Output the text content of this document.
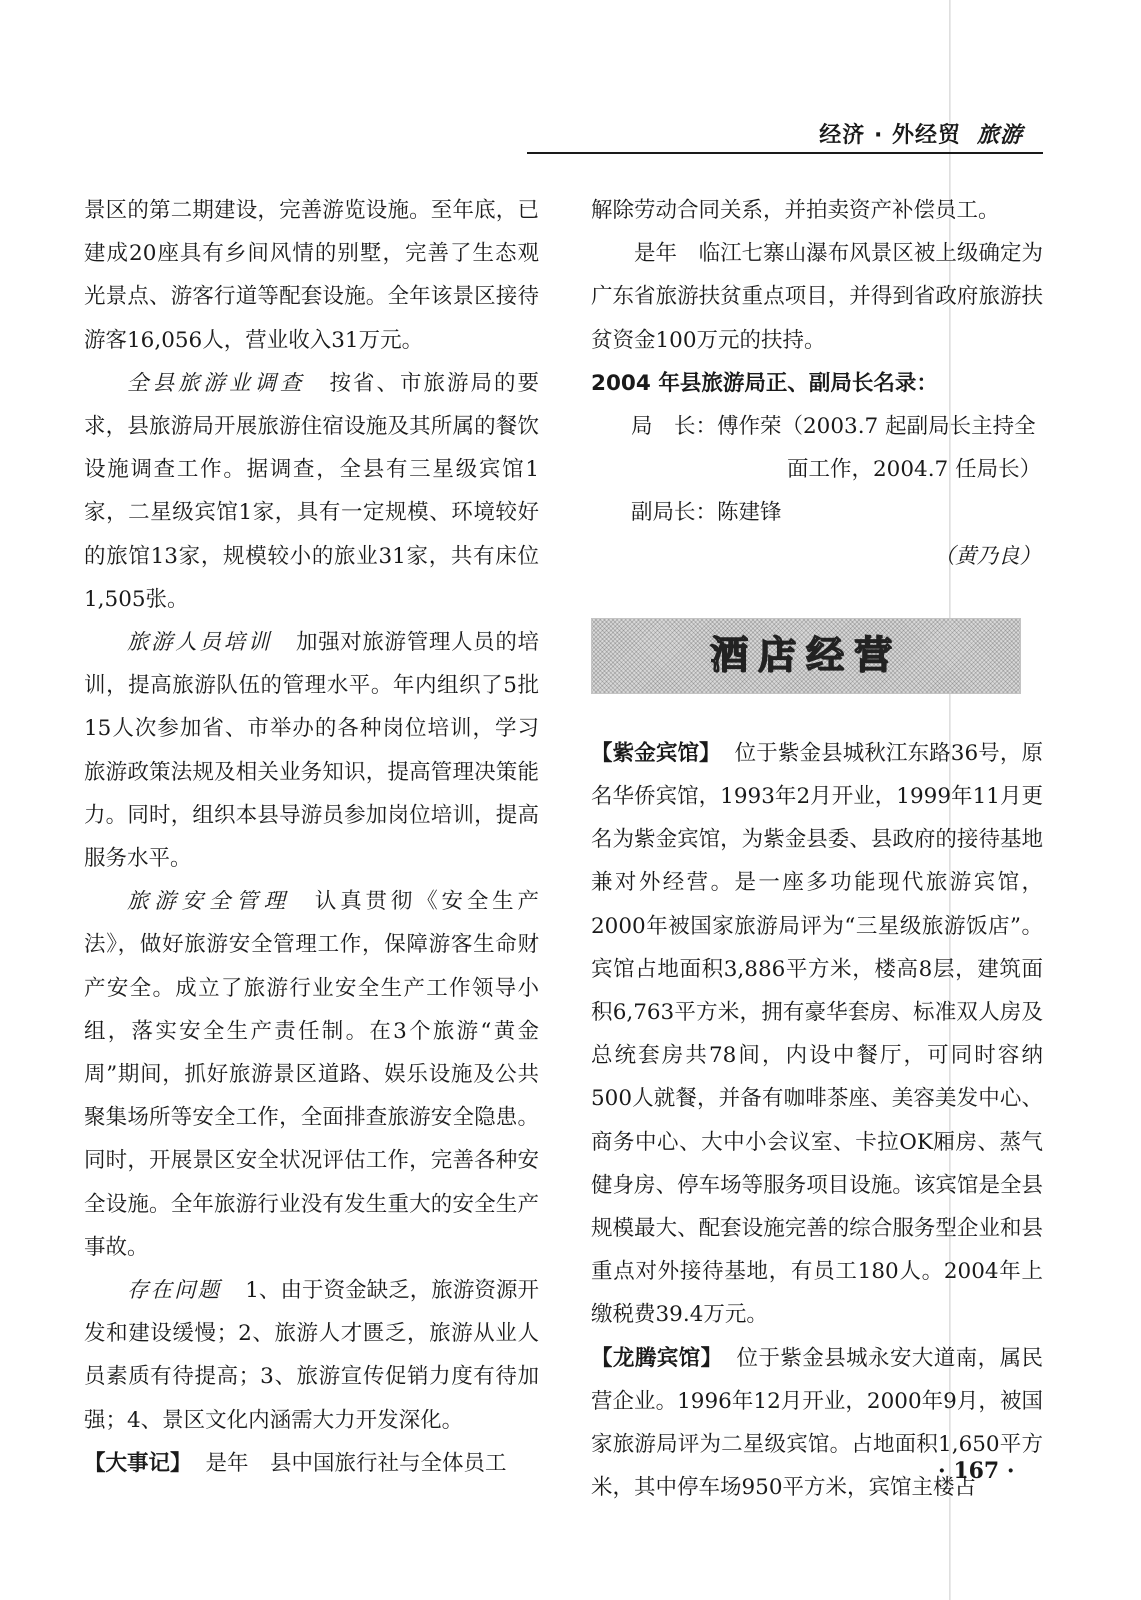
经济 · 外经贸 旅游

景区的第二期建设，完善游览设施。至年底，已建成20座具有乡间风情的别墅，完善了生态观光景点、游客行道等配套设施。全年该景区接待游客16,056人，营业收入31万元。

全县旅游业调查 按省、市旅游局的要求，县旅游局开展旅游住宿设施及其所属的餐饮设施调查工作。据调查，全县有三星级宾馆1家，二星级宾馆1家，具有一定规模、环境较好的旅馆13家，规模较小的旅业31家，共有床位1,505张。

旅游人员培训 加强对旅游管理人员的培训，提高旅游队伍的管理水平。年内组织了5批15人次参加省、市举办的各种岗位培训，学习旅游政策法规及相关业务知识，提高管理决策能力。同时，组织本县导游员参加岗位培训，提高服务水平。

旅游安全管理 认真贯彻《安全生产法》，做好旅游安全管理工作，保障游客生命财产安全。成立了旅游行业安全生产工作领导小组，落实安全生产责任制。在3个旅游“黄金周”期间，抓好旅游景区道路、娱乐设施及公共聚集场所等安全工作，全面排查旅游安全隐患。同时，开展景区安全状况评估工作，完善各种安全设施。全年旅游行业没有发生重大的安全生产事故。

存在问题 1、由于资金缺乏，旅游资源开发和建设缓慢；2、旅游人才匮乏，旅游从业人员素质有待提高；3、旅游宣传促销力度有待加强；4、景区文化内涵需大力开发深化。

【大事记】 是年　县中国旅行社与全体员工

解除劳动合同关系，并拍卖资产补偿员工。

是年　临江七寨山瀑布风景区被上级确定为广东省旅游扶贫重点项目，并得到省政府旅游扶贫资金100万元的扶持。

2004 年县旅游局正、副局长名录：

局　长：傅作荣（2003.7 起副局长主持全

面工作，2004.7 任局长）

副局长：陈建锋

（黄乃良）

酒店经营

【紫金宾馆】 位于紫金县城秋江东路36号，原名华侨宾馆，1993年2月开业，1999年11月更名为紫金宾馆，为紫金县委、县政府的接待基地兼对外经营。是一座多功能现代旅游宾馆，2000年被国家旅游局评为“三星级旅游饭店”。宾馆占地面积3,886平方米，楼高8层，建筑面积6,763平方米，拥有豪华套房、标准双人房及总统套房共78间，内设中餐厅，可同时容纳500人就餐，并备有咖啡茶座、美容美发中心、商务中心、大中小会议室、卡拉OK厢房、蒸气健身房、停车场等服务项目设施。该宾馆是全县规模最大、配套设施完善的综合服务型企业和县重点对外接待基地，有员工180人。2004年上缴税费39.4万元。

【龙腾宾馆】 位于紫金县城永安大道南，属民营企业。1996年12月开业，2000年9月，被国家旅游局评为二星级宾馆。占地面积1,650平方米，其中停车场950平方米，宾馆主楼占

· 167 ·
